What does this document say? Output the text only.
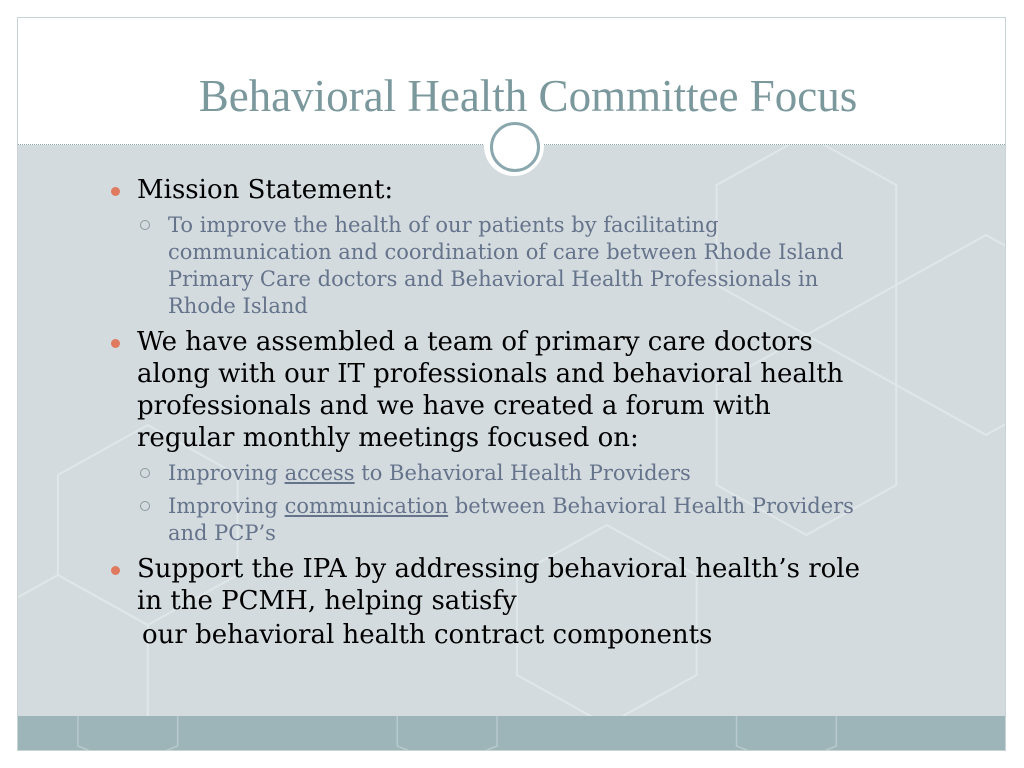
Behavioral Health Committee Focus
Mission Statement:
To improve the health of our patients by facilitating communication and coordination of care between Rhode Island Primary Care doctors and Behavioral Health Professionals in Rhode Island
We have assembled a team of primary care doctors along with our IT professionals and behavioral health professionals and we have created a forum with regular monthly meetings focused on:
Improving access to Behavioral Health Providers
Improving communication between Behavioral Health Providers and PCP’s
Support the IPA by addressing behavioral health’s role in the PCMH, helping satisfy
our behavioral health contract components
